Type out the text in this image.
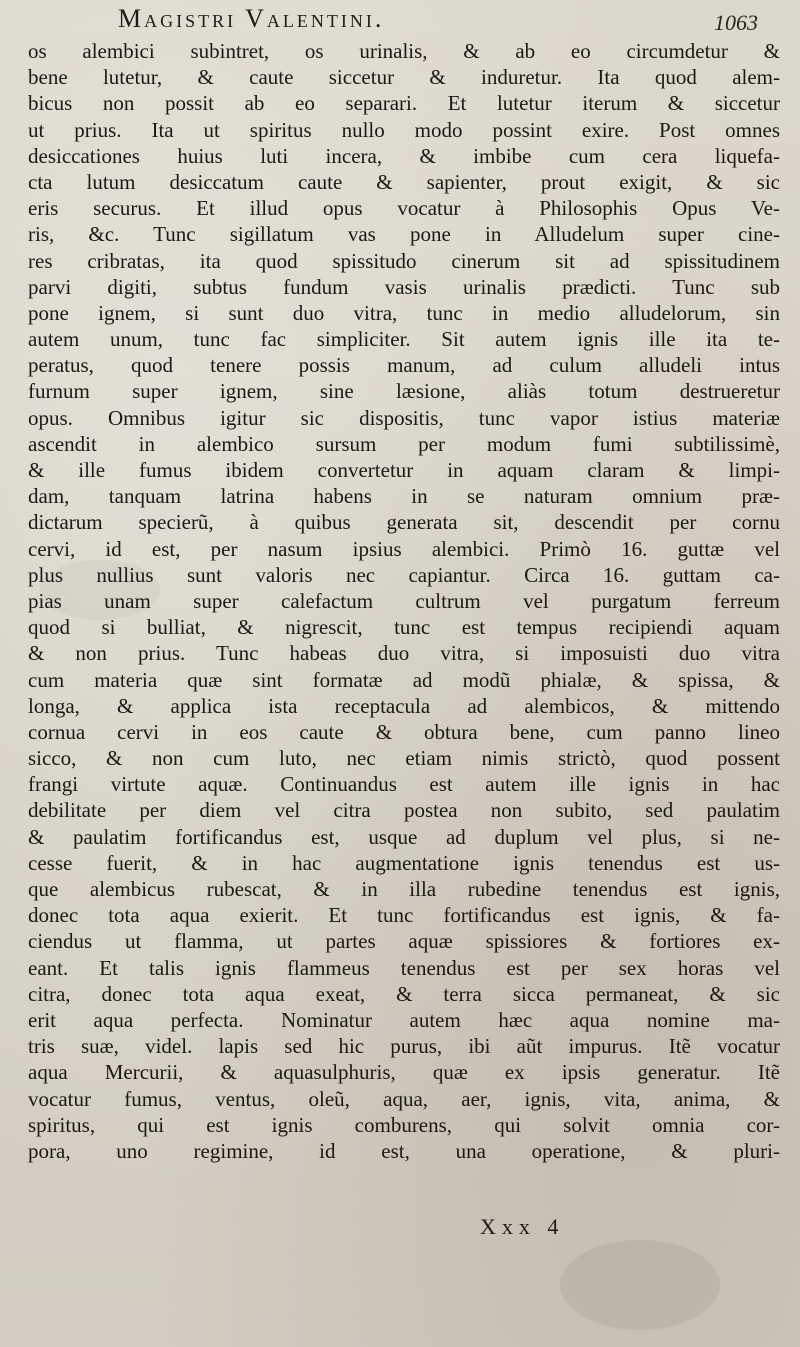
Magistri Valentini.	1063
os alembici subintret, os urinalis, & ab eo circumdetur &
bene lutetur, & caute siccetur & induretur. Ita quod alem-
bicus non possit ab eo separari. Et lutetur iterum & siccetur
ut prius. Ita ut spiritus nullo modo possint exire. Post omnes
desiccationes huius luti incera, & imbibe cum cera liquefa-
cta lutum desiccatum caute & sapienter, prout exigit, & sic
eris securus. Et illud opus vocatur à Philosophis Opus Ve-
ris, &c. Tunc sigillatum vas pone in Alludelum super cine-
res cribratas, ita quod spissitudo cinerum sit ad spissitudinem
parvi digiti, subtus fundum vasis urinalis prædicti. Tunc sub
pone ignem, si sunt duo vitra, tunc in medio alludelorum, sin
autem unum, tunc fac simpliciter. Sit autem ignis ille ita te-
peratus, quod tenere possis manum, ad culum alludeli intus
furnum super ignem, sine læsione, aliàs totum destrueretur
opus. Omnibus igitur sic dispositis, tunc vapor istius materiæ
ascendit in alembico sursum per modum fumi subtilissimè,
& ille fumus ibidem convertetur in aquam claram & limpi-
dam, tanquam latrina habens in se naturam omnium præ-
dictarum specierũ, à quibus generata sit, descendit per cornu
cervi, id est, per nasum ipsius alembici. Primò 16. guttæ vel
plus nullius sunt valoris nec capiantur. Circa 16. guttam ca-
pias unam super calefactum cultrum vel purgatum ferreum
quod si bulliat, & nigrescit, tunc est tempus recipiendi aquam
& non prius. Tunc habeas duo vitra, si imposuisti duo vitra
cum materia quæ sint formatæ ad modũ phialæ, & spissa, &
longa, & applica ista receptacula ad alembicos, & mittendo
cornua cervi in eos caute & obtura bene, cum panno lineo
sicco, & non cum luto, nec etiam nimis strictò, quod possent
frangi virtute aquæ. Continuandus est autem ille ignis in hac
debilitate per diem vel citra postea non subito, sed paulatim
& paulatim fortificandus est, usque ad duplum vel plus, si ne-
cesse fuerit, & in hac augmentatione ignis tenendus est us-
que alembicus rubescat, & in illa rubedine tenendus est ignis,
donec tota aqua exierit. Et tunc fortificandus est ignis, & fa-
ciendus ut flamma, ut partes aquæ spissiores & fortiores ex-
eant. Et talis ignis flammeus tenendus est per sex horas vel
citra, donec tota aqua exeat, & terra sicca permaneat, & sic
erit aqua perfecta. Nominatur autem hæc aqua nomine ma-
tris suæ, videl. lapis sed hic purus, ibi aũt impurus. Itẽ vocatur
aqua Mercurii, & aquasulphuris, quæ ex ipsis generatur. Itẽ
vocatur fumus, ventus, oleũ, aqua, aer, ignis, vita, anima, &
spiritus, qui est ignis comburens, qui solvit omnia cor-
pora, uno regimine, id est, una operatione, & pluri-
Xxx 4
